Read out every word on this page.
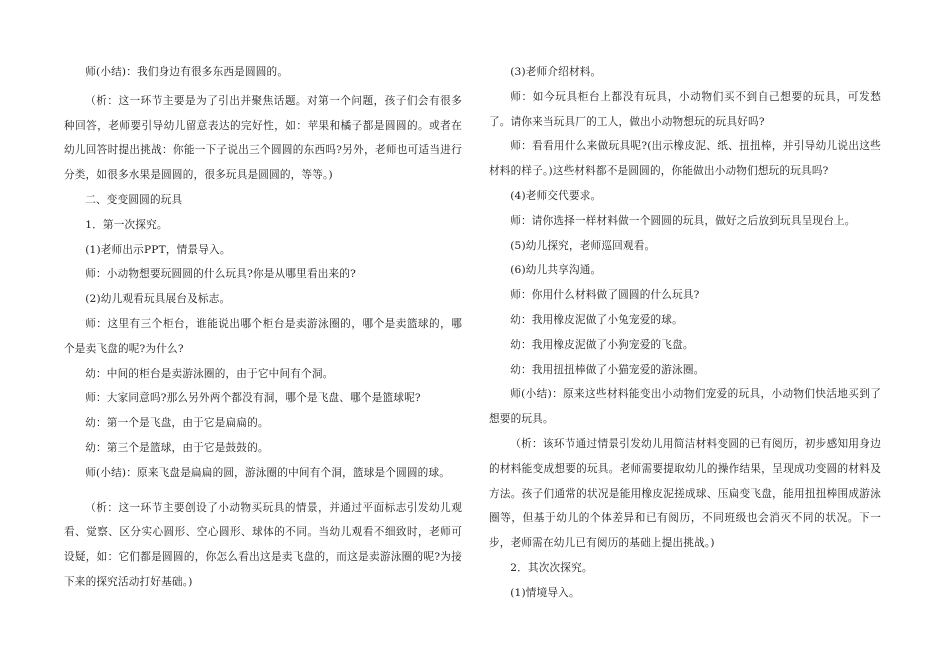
师(小结)：我们身边有很多东西是圆圆的。

（析：这一环节主要是为了引出并聚焦话题。对第一个问题，孩子们会有很多种回答，老师要引导幼儿留意表达的完好性，如：苹果和橘子都是圆圆的。或者在幼儿回答时提出挑战：你能一下子说出三个圆圆的东西吗?另外，老师也可适当进行分类，如很多水果是圆圆的，很多玩具是圆圆的，等等。)

二、变变圆圆的玩具

1．第一次探究。

(1)老师出示PPT，情景导入。

师：小动物想要玩圆圆的什么玩具?你是从哪里看出来的?

(2)幼儿观看玩具展台及标志。

师：这里有三个柜台，谁能说出哪个柜台是卖游泳圈的，哪个是卖篮球的，哪个是卖飞盘的呢?为什么?

幼：中间的柜台是卖游泳圈的，由于它中间有个洞。

师：大家同意吗?那么另外两个都没有洞，哪个是飞盘、哪个是篮球呢?

幼：第一个是飞盘，由于它是扁扁的。

幼：第三个是篮球，由于它是鼓鼓的。

师(小结)：原来飞盘是扁扁的圆，游泳圈的中间有个洞，篮球是个圆圆的球。

（析：这一环节主要创设了小动物买玩具的情景，并通过平面标志引发幼儿观看、觉察、区分实心圆形、空心圆形、球体的不同。当幼儿观看不细致时，老师可设疑，如：它们都是圆圆的，你怎么看出这是卖飞盘的，而这是卖游泳圈的呢?为接下来的探究活动打好基础。)

(3)老师介绍材料。

师：如今玩具柜台上都没有玩具，小动物们买不到自己想要的玩具，可发愁了。请你来当玩具厂的工人，做出小动物想玩的玩具好吗?

师：看看用什么来做玩具呢?(出示橡皮泥、纸、扭扭棒，并引导幼儿说出这些材料的样子。)这些材料都不是圆圆的，你能做出小动物们想玩的玩具吗?

(4)老师交代要求。

师：请你选择一样材料做一个圆圆的玩具，做好之后放到玩具呈现台上。

(5)幼儿探究，老师巡回观看。

(6)幼儿共享沟通。

师：你用什么材料做了圆圆的什么玩具?

幼：我用橡皮泥做了小兔宠爱的球。

幼：我用橡皮泥做了小狗宠爱的飞盘。

幼：我用扭扭棒做了小猫宠爱的游泳圈。

师(小结)：原来这些材料能变出小动物们宠爱的玩具，小动物们快活地买到了想要的玩具。

（析：该环节通过情景引发幼儿用简洁材料变圆的已有阅历，初步感知用身边的材料能变成想要的玩具。老师需要提取幼儿的操作结果，呈现成功变圆的材料及方法。孩子们通常的状况是能用橡皮泥搓成球、压扁变飞盘，能用扭扭棒围成游泳圈等，但基于幼儿的个体差异和已有阅历，不同班级也会消灭不同的状况。下一步，老师需在幼儿已有阅历的基础上提出挑战。)

2．其次次探究。

(1)情境导入。
